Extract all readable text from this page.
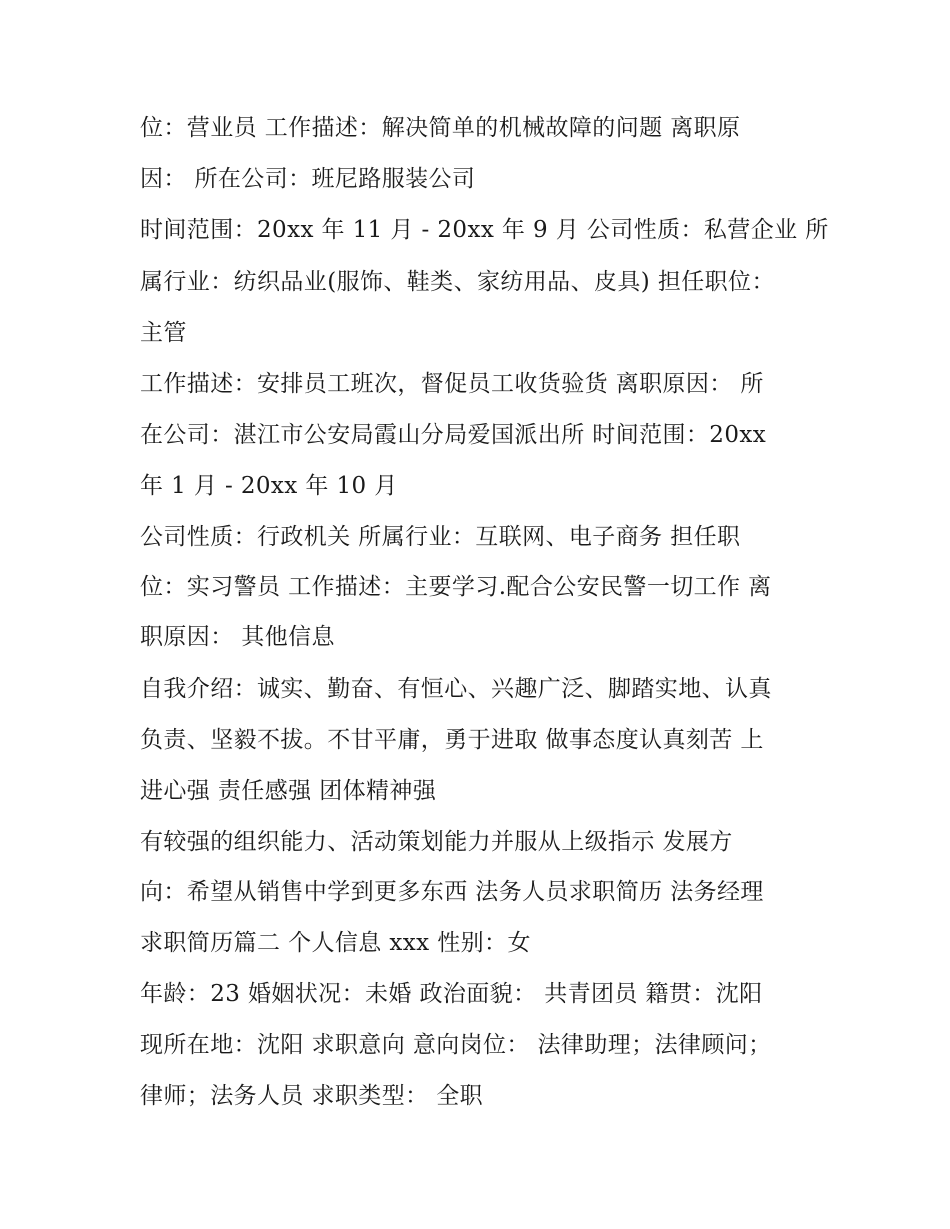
位：营业员 工作描述：解决简单的机械故障的问题 离职原
因： 所在公司：班尼路服装公司
时间范围：20xx 年 11 月 - 20xx 年 9 月 公司性质：私营企业 所
属行业：纺织品业(服饰、鞋类、家纺用品、皮具) 担任职位：
主管
工作描述：安排员工班次，督促员工收货验货 离职原因： 所
在公司：湛江市公安局霞山分局爱国派出所 时间范围：20xx
年 1 月 - 20xx 年 10 月
公司性质：行政机关 所属行业：互联网、电子商务 担任职
位：实习警员 工作描述：主要学习.配合公安民警一切工作 离
职原因： 其他信息
自我介绍：诚实、勤奋、有恒心、兴趣广泛、脚踏实地、认真
负责、坚毅不拔。不甘平庸，勇于进取 做事态度认真刻苦 上
进心强 责任感强 团体精神强
有较强的组织能力、活动策划能力并服从上级指示 发展方
向：希望从销售中学到更多东西 法务人员求职简历 法务经理
求职简历篇二 个人信息 xxx 性别：女
年龄：23 婚姻状况：未婚 政治面貌： 共青团员 籍贯：沈阳
现所在地：沈阳 求职意向 意向岗位： 法律助理；法律顾问；
律师；法务人员 求职类型： 全职
